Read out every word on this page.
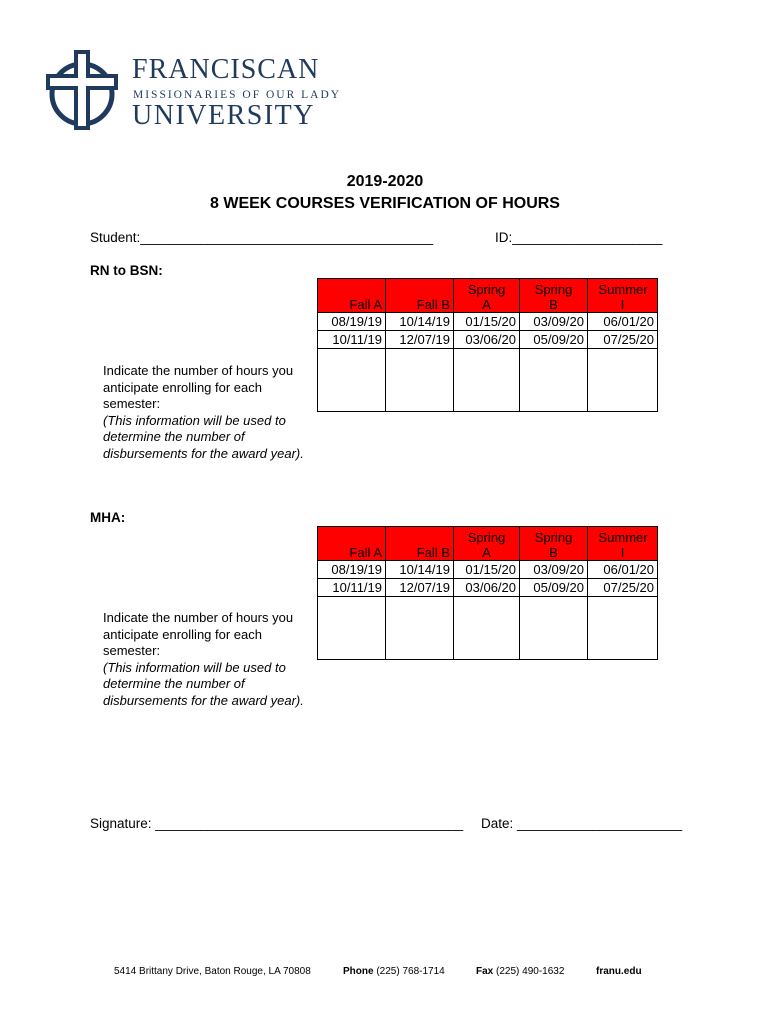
FRANCISCAN
MISSIONARIES OF OUR LADY
UNIVERSITY
2019-2020
8 WEEK COURSES VERIFICATION OF HOURS
Student:_______________________________________	ID:____________________
RN to BSN:
Fall A	Fall B	Spring A	Spring B	Summer I
08/19/19	10/14/19	01/15/20	03/09/20	06/01/20
10/11/19	12/07/19	03/06/20	05/09/20	07/25/20

Indicate the number of hours you anticipate enrolling for each semester:
(This information will be used to determine the number of disbursements for the award year).
MHA:
Fall A	Fall B	Spring A	Spring B	Summer I
08/19/19	10/14/19	01/15/20	03/09/20	06/01/20
10/11/19	12/07/19	03/06/20	05/09/20	07/25/20

Indicate the number of hours you anticipate enrolling for each semester:
(This information will be used to determine the number of disbursements for the award year).
Signature: _________________________________________ Date: ______________________
5414 Brittany Drive, Baton Rouge, LA 70808	Phone (225) 768-1714	Fax (225) 490-1632	franu.edu
